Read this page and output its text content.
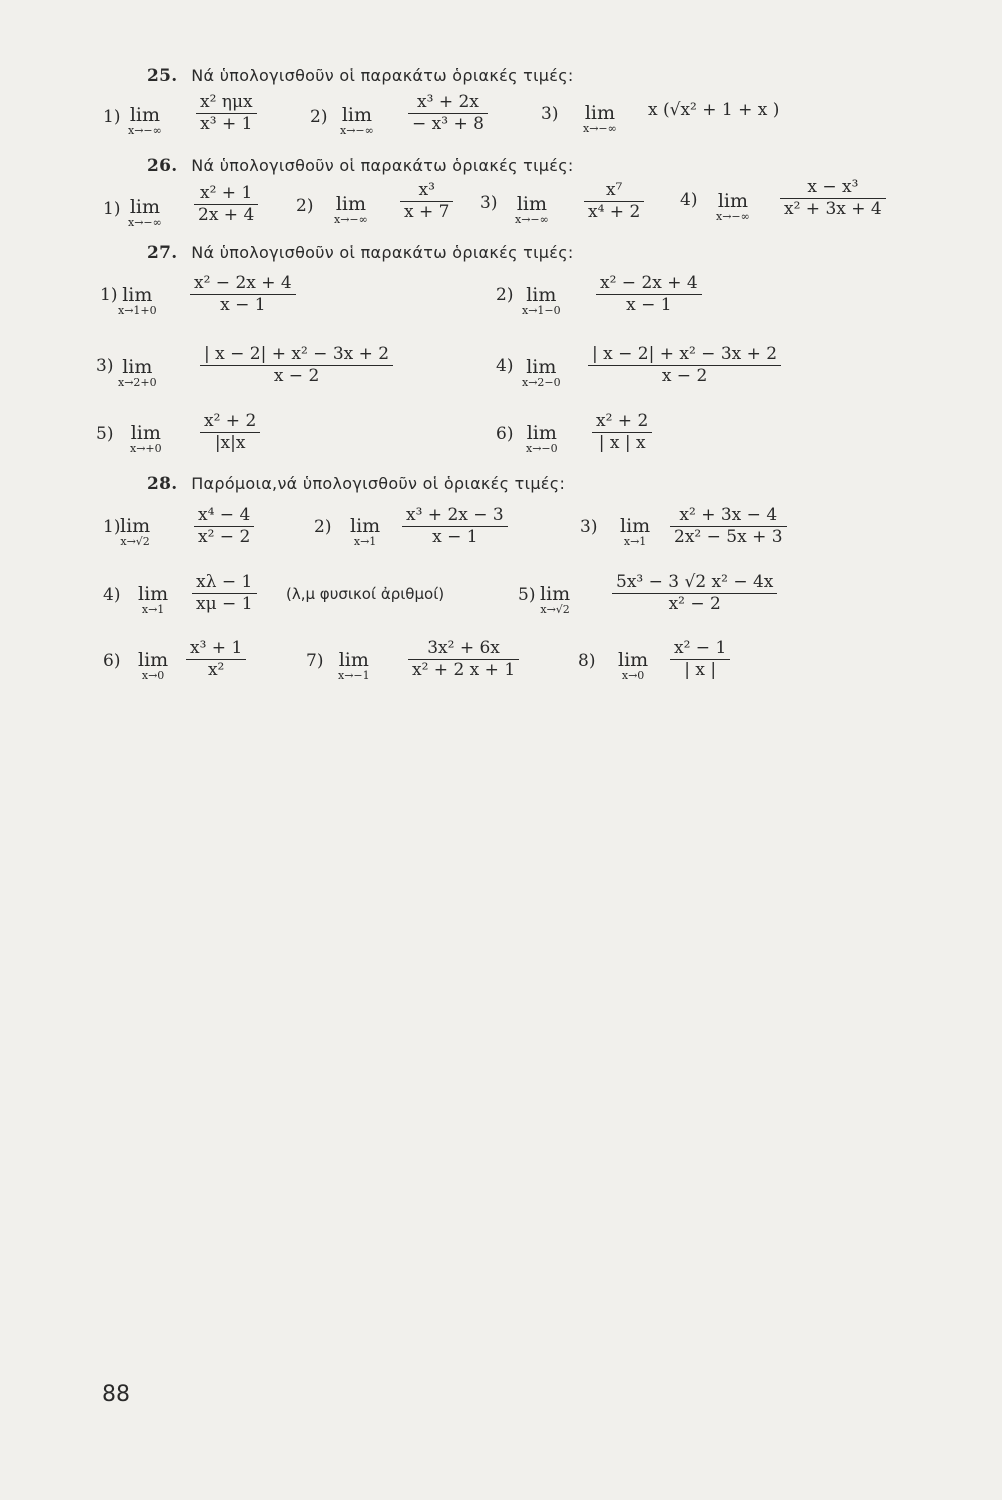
25. Νά ὑπολογισθοῦν οἱ παρακάτω ὁριακές τιμές:
1) lim
x→−∞
x² ημx
x³ + 1	2) lim
x→−∞
x³ + 2x
− x³ + 8	3) lim
x→−∞
x (√x² + 1 + x )
26. Νά ὑπολογισθοῦν οἱ παρακάτω ὁριακές τιμές:
1) lim
x→−∞
x² + 1
2x + 4 2) lim
x→−∞
x³
x + 7 3) lim
x→−∞
x⁷
x⁴ + 2
4) lim
x→−∞
x − x³
x² + 3x + 4
27. Νά ὑπολογισθοῦν οἱ παρακάτω ὁριακές τιμές:
1) lim
x→1+0
x² − 2x + 4
x − 1	2) lim
x→1−0
x² − 2x + 4
x − 1
3) lim
x→2+0
| x − 2| + x² − 3x + 2
x − 2	4) lim
x→2−0
| x − 2| + x² − 3x + 2
x − 2
5) lim
x→+0
x² + 2
|x|x	6) lim
x→−0
x² + 2
| x | x
28. Παρόμοια,νά ὑπολογισθοῦν οἱ ὁριακές τιμές:
1) lim
x→√2
x⁴ − 4
x² − 2	2) lim
x→1
x³ + 2x − 3
x − 1	3) lim
x→1
x² + 3x − 4
2x² − 5x + 3
4) lim
x→1
xλ − 1
xμ − 1 (λ,μ φυσικοί ἀριθμοί)	5) lim
x→√2
5x³ − 3 √2 x² − 4x
x² − 2
6) lim
x→0
x³ + 1
x²	7) lim
x→−1
3x² + 6x
x² + 2 x + 1	8) lim
x→0
x² − 1
| x |
88
